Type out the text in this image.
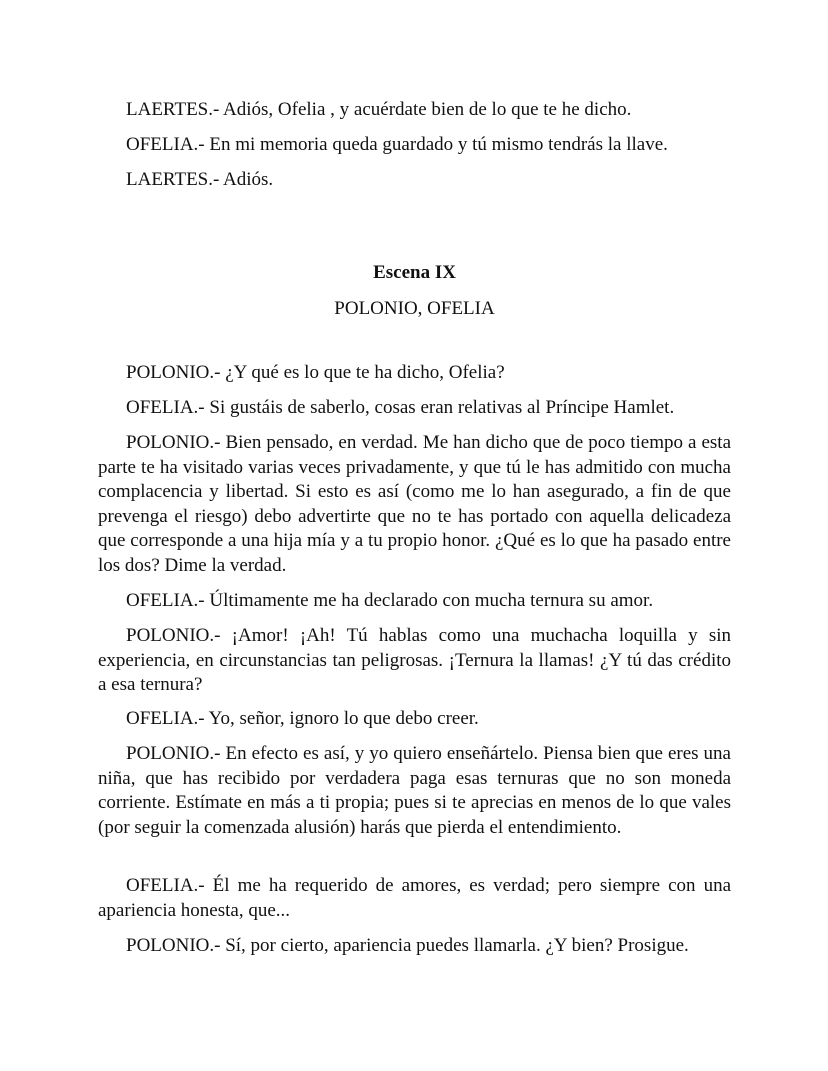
LAERTES.- Adiós, Ofelia , y acuérdate bien de lo que te he dicho.

OFELIA.- En mi memoria queda guardado y tú mismo tendrás la llave.

LAERTES.- Adiós.

Escena IX

POLONIO, OFELIA

POLONIO.- ¿Y qué es lo que te ha dicho, Ofelia?

OFELIA.- Si gustáis de saberlo, cosas eran relativas al Príncipe Hamlet.

POLONIO.- Bien pensado, en verdad. Me han dicho que de poco tiempo a esta parte te ha visitado varias veces privadamente, y que tú le has admitido con mucha complacencia y libertad. Si esto es así (como me lo han asegurado, a fin de que prevenga el riesgo) debo advertirte que no te has portado con aquella delicadeza que corresponde a una hija mía y a tu propio honor. ¿Qué es lo que ha pasado entre los dos? Dime la verdad.

OFELIA.- Últimamente me ha declarado con mucha ternura su amor.

POLONIO.- ¡Amor! ¡Ah! Tú hablas como una muchacha loquilla y sin experiencia, en circunstancias tan peligrosas. ¡Ternura la llamas! ¿Y tú das crédito a esa ternura?

OFELIA.- Yo, señor, ignoro lo que debo creer.

POLONIO.- En efecto es así, y yo quiero enseñártelo. Piensa bien que eres una niña, que has recibido por verdadera paga esas ternuras que no son moneda corriente. Estímate en más a ti propia; pues si te aprecias en menos de lo que vales (por seguir la comenzada alusión) harás que pierda el entendimiento.

OFELIA.- Él me ha requerido de amores, es verdad; pero siempre con una apariencia honesta, que...

POLONIO.- Sí, por cierto, apariencia puedes llamarla. ¿Y bien? Prosigue.
